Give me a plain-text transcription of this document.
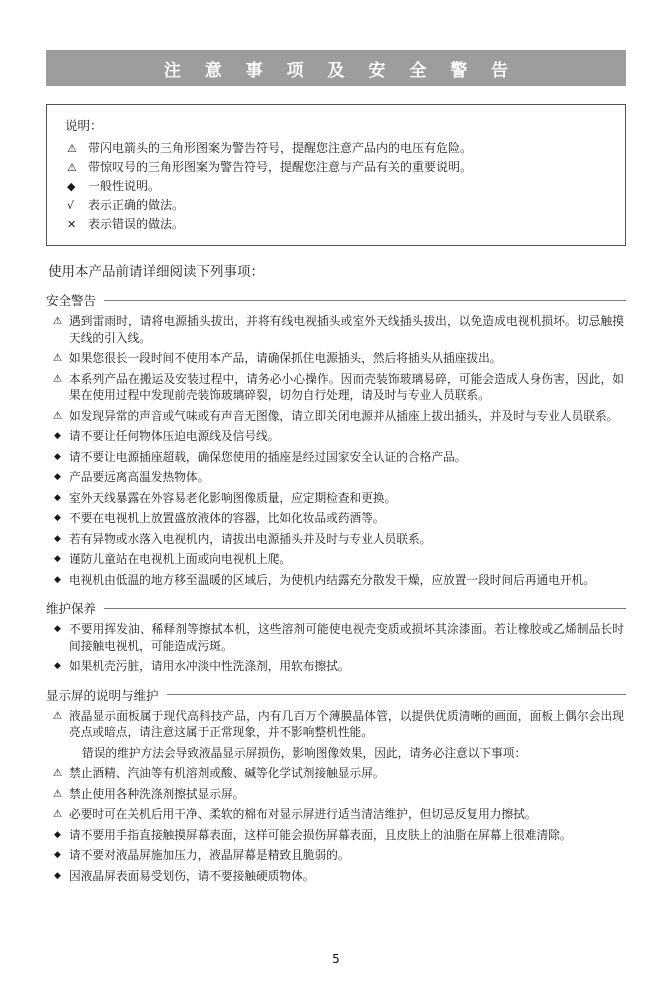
注 意 事 项 及 安 全 警 告
说明：
⚠ 带闪电箭头的三角形图案为警告符号，提醒您注意产品内的电压有危险。
⚠ 带惊叹号的三角形图案为警告符号，提醒您注意与产品有关的重要说明。
◆	一般性说明。
√	表示正确的做法。
✕ 表示错误的做法。
使用本产品前请详细阅读下列事项：
安全警告
⚠ 遇到雷雨时，请将电源插头拔出，并将有线电视插头或室外天线插头拔出，以免造成电视机损坏。切忌触摸天线的引入线。
⚠ 如果您很长一段时间不使用本产品，请确保抓住电源插头，然后将插头从插座拔出。
⚠ 本系列产品在搬运及安装过程中，请务必小心操作。因而壳装饰玻璃易碎，可能会造成人身伤害，因此，如果在使用过程中发现前壳装饰玻璃碎裂，切勿自行处理，请及时与专业人员联系。
⚠ 如发现异常的声音或气味或有声音无图像，请立即关闭电源并从插座上拔出插头，并及时与专业人员联系。
◆ 请不要让任何物体压迫电源线及信号线。
◆ 请不要让电源插座超载，确保您使用的插座是经过国家安全认证的合格产品。
◆ 产品要远离高温发热物体。
◆ 室外天线暴露在外容易老化影响图像质量，应定期检查和更换。
◆ 不要在电视机上放置盛放液体的容器，比如化妆品或药酒等。
◆ 若有异物或水落入电视机内，请拔出电源插头并及时与专业人员联系。
◆ 谨防儿童站在电视机上面或向电视机上爬。
◆ 电视机由低温的地方移至温暖的区域后，为使机内结露充分散发干燥，应放置一段时间后再通电开机。
维护保养
◆ 不要用挥发油、稀释剂等擦拭本机，这些溶剂可能使电视壳变质或损坏其涂漆面。若让橡胶或乙烯制品长时间接触电视机，可能造成污斑。
◆ 如果机壳污脏，请用水冲淡中性洗涤剂，用软布擦拭。
显示屏的说明与维护
⚠ 液晶显示面板属于现代高科技产品，内有几百万个薄膜晶体管，以提供优质清晰的画面，面板上偶尔会出现亮点或暗点，请注意这属于正常现象，并不影响整机性能。
错误的维护方法会导致液晶显示屏损伤，影响图像效果，因此，请务必注意以下事项：
⚠ 禁止酒精、汽油等有机溶剂或酸、碱等化学试剂接触显示屏。
⚠ 禁止使用各种洗涤剂擦拭显示屏。
⚠ 必要时可在关机后用干净、柔软的棉布对显示屏进行适当清洁维护，但切忌反复用力擦拭。
◆ 请不要用手指直接触摸屏幕表面，这样可能会损伤屏幕表面，且皮肤上的油脂在屏幕上很难清除。
◆ 请不要对液晶屏施加压力，液晶屏幕是精致且脆弱的。
◆ 因液晶屏表面易受划伤，请不要接触硬质物体。
5
